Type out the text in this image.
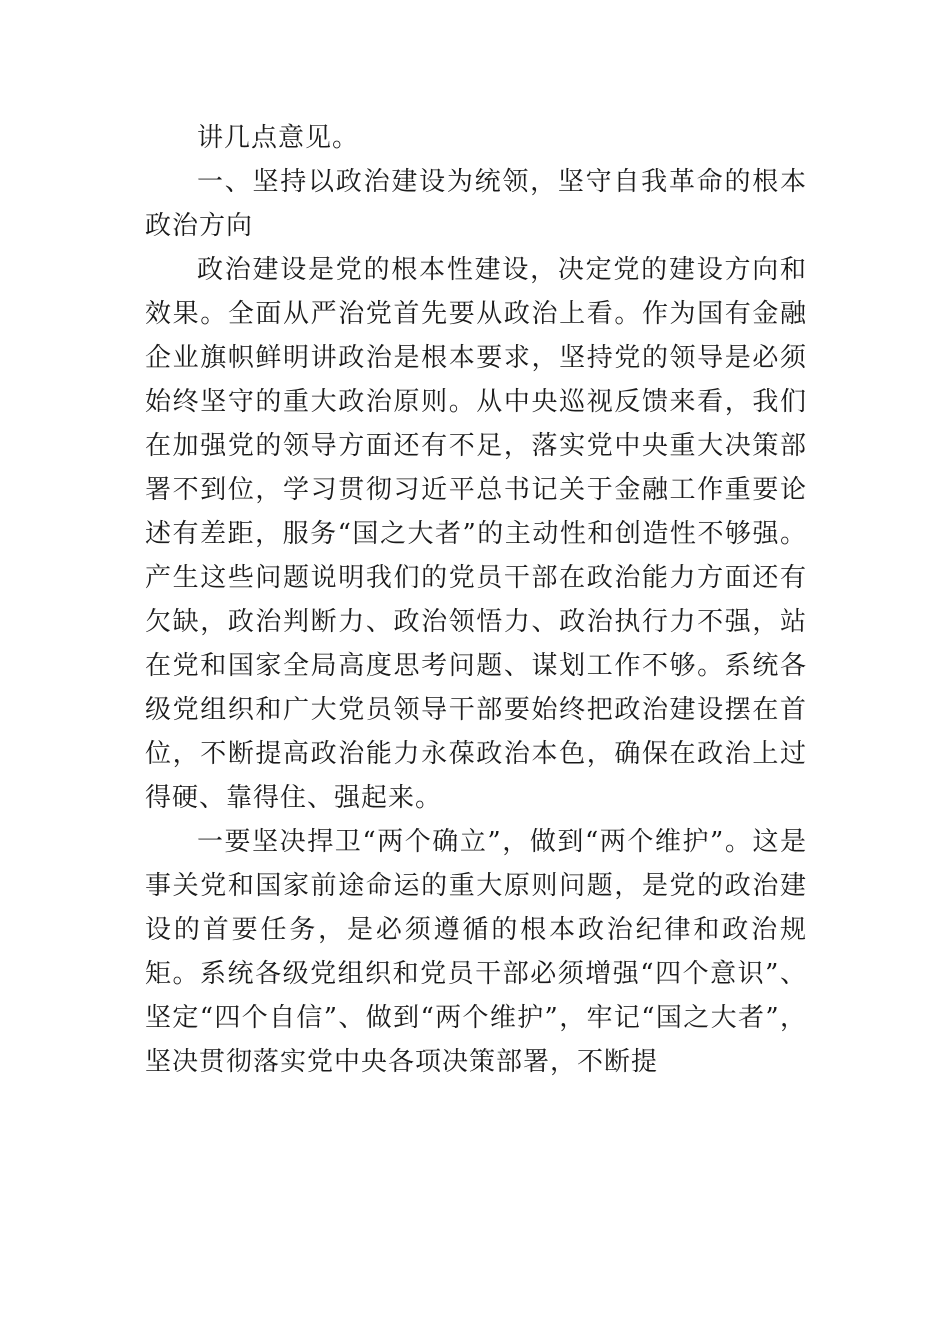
讲几点意见。

一、坚持以政治建设为统领，坚守自我革命的根本政治方向

政治建设是党的根本性建设，决定党的建设方向和效果。全面从严治党首先要从政治上看。作为国有金融企业旗帜鲜明讲政治是根本要求，坚持党的领导是必须始终坚守的重大政治原则。从中央巡视反馈来看，我们在加强党的领导方面还有不足，落实党中央重大决策部署不到位，学习贯彻习近平总书记关于金融工作重要论述有差距，服务“国之大者”的主动性和创造性不够强。产生这些问题说明我们的党员干部在政治能力方面还有欠缺，政治判断力、政治领悟力、政治执行力不强，站在党和国家全局高度思考问题、谋划工作不够。系统各级党组织和广大党员领导干部要始终把政治建设摆在首位，不断提高政治能力永葆政治本色，确保在政治上过得硬、靠得住、强起来。

一要坚决捍卫“两个确立”，做到“两个维护”。这是事关党和国家前途命运的重大原则问题，是党的政治建设的首要任务，是必须遵循的根本政治纪律和政治规矩。系统各级党组织和党员干部必须增强“四个意识”、坚定“四个自信”、做到“两个维护”，牢记“国之大者”，坚决贯彻落实党中央各项决策部署，不断提
